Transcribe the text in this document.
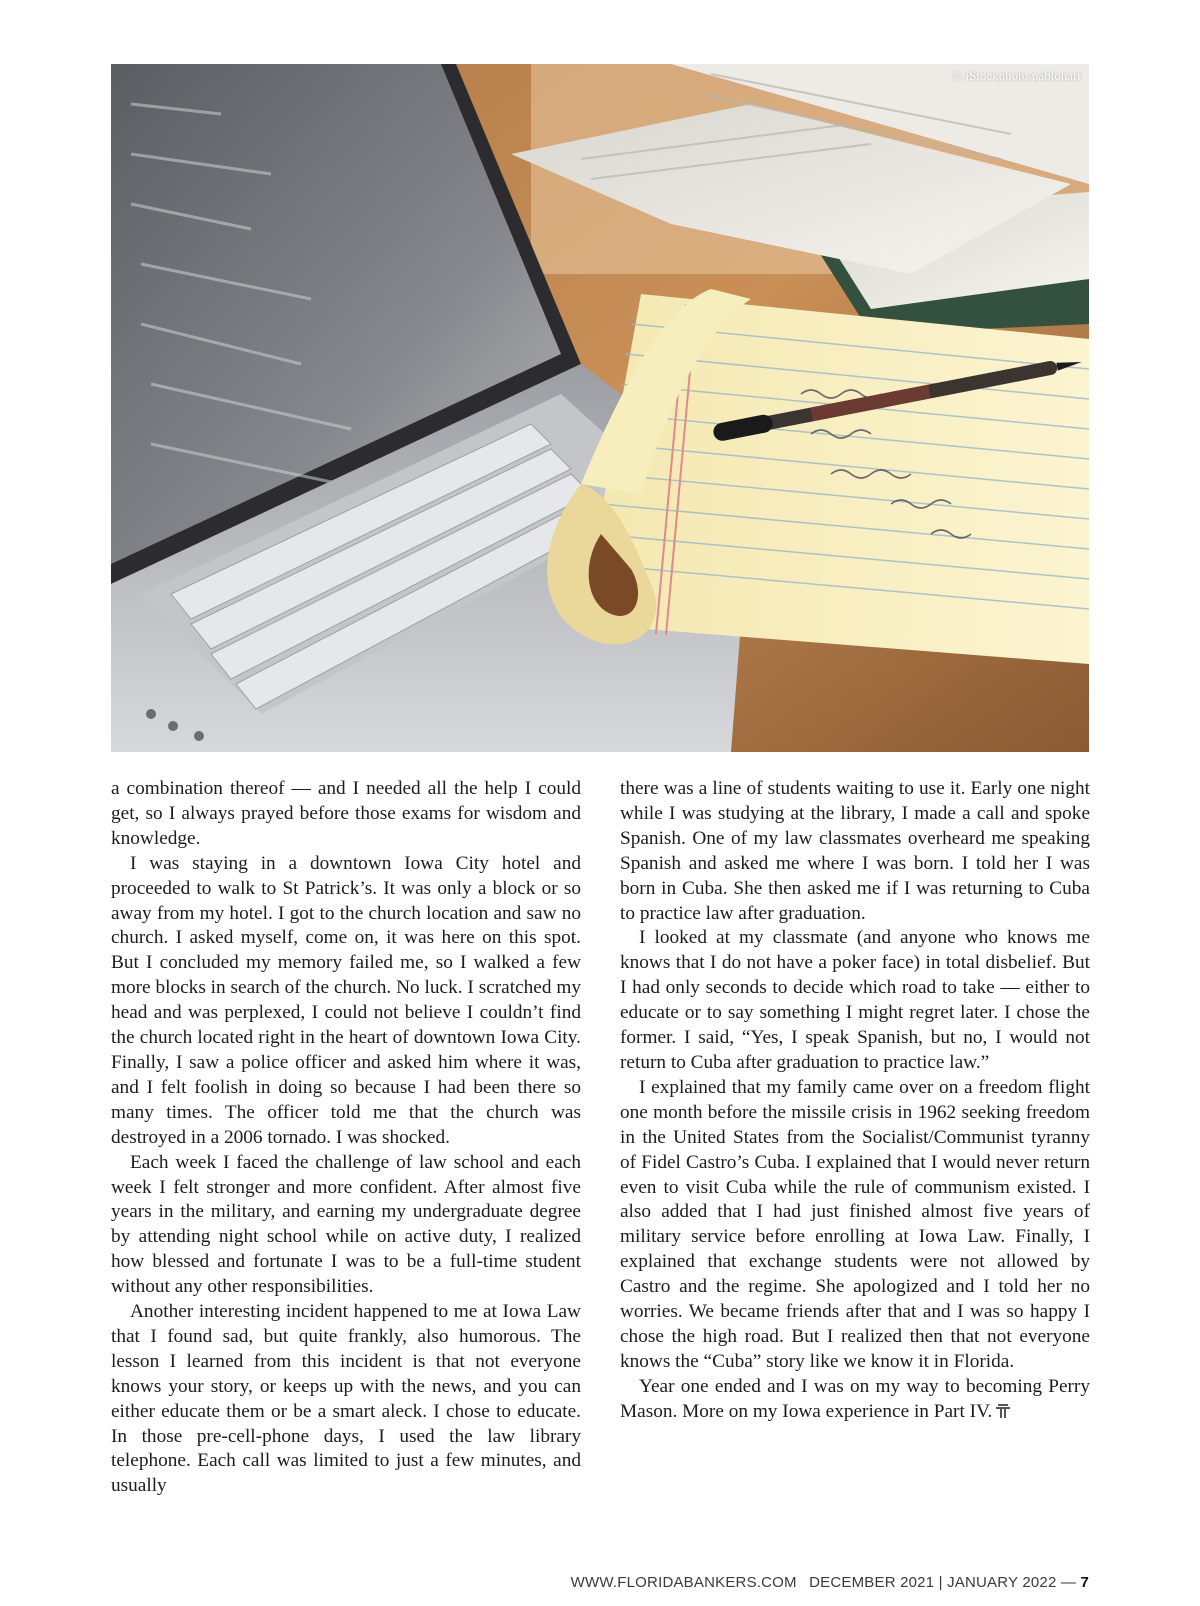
© iStockphoto/pablohart

a combination thereof — and I needed all the help I could get, so I always prayed before those exams for wisdom and knowledge.

I was staying in a downtown Iowa City hotel and proceeded to walk to St Patrick’s. It was only a block or so away from my hotel. I got to the church location and saw no church. I asked myself, come on, it was here on this spot. But I concluded my memory failed me, so I walked a few more blocks in search of the church. No luck. I scratched my head and was perplexed, I could not believe I couldn’t find the church located right in the heart of downtown Iowa City. Finally, I saw a police officer and asked him where it was, and I felt foolish in doing so because I had been there so many times. The officer told me that the church was destroyed in a 2006 tornado. I was shocked.

Each week I faced the challenge of law school and each week I felt stronger and more confident. After almost five years in the military, and earning my undergraduate degree by attending night school while on active duty, I realized how blessed and fortunate I was to be a full-time student without any other responsibilities.

Another interesting incident happened to me at Iowa Law that I found sad, but quite frankly, also humorous. The lesson I learned from this incident is that not everyone knows your story, or keeps up with the news, and you can either educate them or be a smart aleck. I chose to educate. In those pre-cell-phone days, I used the law library telephone. Each call was limited to just a few minutes, and usually

there was a line of students waiting to use it. Early one night while I was studying at the library, I made a call and spoke Spanish. One of my law classmates overheard me speaking Spanish and asked me where I was born. I told her I was born in Cuba. She then asked me if I was returning to Cuba to practice law after graduation.

I looked at my classmate (and anyone who knows me knows that I do not have a poker face) in total disbelief. But I had only seconds to decide which road to take — either to educate or to say something I might regret later. I chose the former. I said, “Yes, I speak Spanish, but no, I would not return to Cuba after graduation to practice law.”

I explained that my family came over on a freedom flight one month before the missile crisis in 1962 seeking freedom in the United States from the Socialist/Communist tyranny of Fidel Castro’s Cuba. I explained that I would never return even to visit Cuba while the rule of communism existed. I also added that I had just finished almost five years of military service before enrolling at Iowa Law. Finally, I explained that exchange students were not allowed by Castro and the regime. She apologized and I told her no worries. We became friends after that and I was so happy I chose the high road. But I realized then that not everyone knows the “Cuba” story like we know it in Florida.

Year one ended and I was on my way to becoming Perry Mason. More on my Iowa experience in Part IV.

WWW.FLORIDABANKERS.COM DECEMBER 2021 | JANUARY 2022 — 7
